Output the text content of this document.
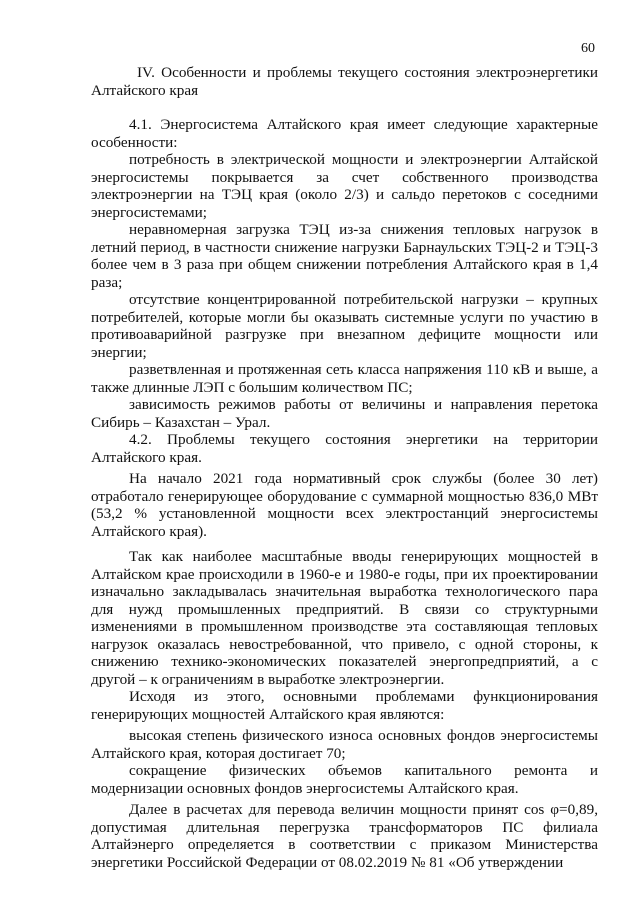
60
IV. Особенности и проблемы текущего состояния электроэнергетики Алтайского края

4.1. Энергосистема Алтайского края имеет следующие характерные особенности:

потребность в электрической мощности и электроэнергии Алтайской энергосистемы покрывается за счет собственного производства электроэнергии на ТЭЦ края (около 2/3) и сальдо перетоков с соседними энергосистемами;

неравномерная загрузка ТЭЦ из-за снижения тепловых нагрузок в летний период, в частности снижение нагрузки Барнаульских ТЭЦ-2 и ТЭЦ-3 более чем в 3 раза при общем снижении потребления Алтайского края в 1,4 раза;

отсутствие концентрированной потребительской нагрузки – крупных потребителей, которые могли бы оказывать системные услуги по участию в противоаварийной разгрузке при внезапном дефиците мощности или энергии;

разветвленная и протяженная сеть класса напряжения 110 кВ и выше, а также длинные ЛЭП с большим количеством ПС;

зависимость режимов работы от величины и направления перетока Сибирь – Казахстан – Урал.

4.2. Проблемы текущего состояния энергетики на территории Алтайского края.

На начало 2021 года нормативный срок службы (более 30 лет) отработало генерирующее оборудование с суммарной мощностью 836,0 МВт (53,2 % установленной мощности всех электростанций энергосистемы Алтайского края).

Так как наиболее масштабные вводы генерирующих мощностей в Алтайском крае происходили в 1960-е и 1980-е годы, при их проектировании изначально закладывалась значительная выработка технологического пара для нужд промышленных предприятий. В связи со структурными изменениями в промышленном производстве эта составляющая тепловых нагрузок оказалась невостребованной, что привело, с одной стороны, к снижению технико-экономических показателей энергопредприятий, а с другой – к ограничениям в выработке электроэнергии.

Исходя из этого, основными проблемами функционирования генерирующих мощностей Алтайского края являются:

высокая степень физического износа основных фондов энергосистемы Алтайского края, которая достигает 70;

сокращение физических объемов капитального ремонта и модернизации основных фондов энергосистемы Алтайского края.

Далее в расчетах для перевода величин мощности принят cos φ=0,89, допустимая длительная перегрузка трансформаторов ПС филиала Алтайэнерго определяется в соответствии с приказом Министерства энергетики Российской Федерации от 08.02.2019 № 81 «Об утверждении
